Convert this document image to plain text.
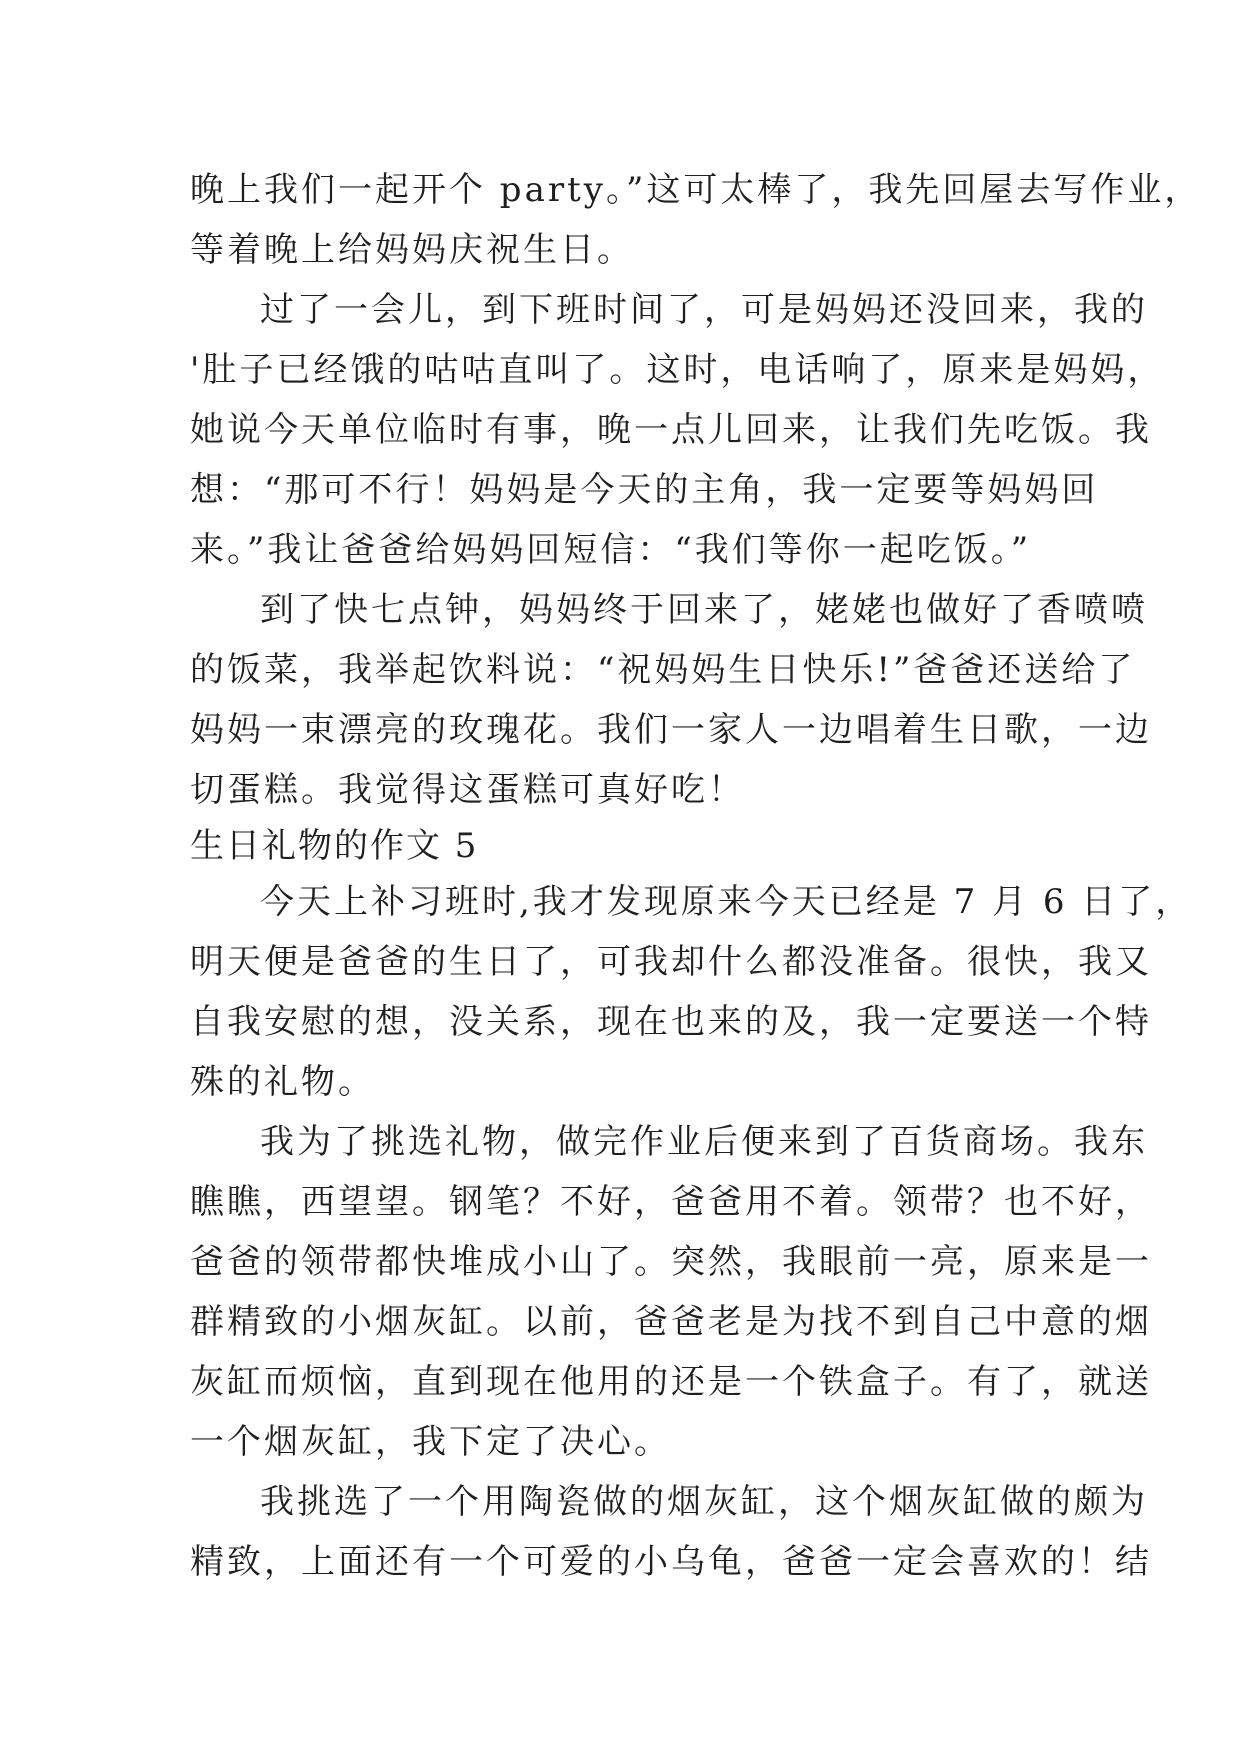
晚上我们一起开个 party。”这可太棒了，我先回屋去写作业，
等着晚上给妈妈庆祝生日。
过了一会儿，到下班时间了，可是妈妈还没回来，我的
'肚子已经饿的咕咕直叫了。这时，电话响了，原来是妈妈，
她说今天单位临时有事，晚一点儿回来，让我们先吃饭。我
想：“那可不行！妈妈是今天的主角，我一定要等妈妈回
来。”我让爸爸给妈妈回短信：“我们等你一起吃饭。”
到了快七点钟，妈妈终于回来了，姥姥也做好了香喷喷
的饭菜，我举起饮料说：“祝妈妈生日快乐!”爸爸还送给了
妈妈一束漂亮的玫瑰花。我们一家人一边唱着生日歌，一边
切蛋糕。我觉得这蛋糕可真好吃！
生日礼物的作文 5
今天上补习班时,我才发现原来今天已经是 7 月 6 日了，
明天便是爸爸的生日了，可我却什么都没准备。很快，我又
自我安慰的想，没关系，现在也来的及，我一定要送一个特
殊的礼物。
我为了挑选礼物，做完作业后便来到了百货商场。我东
瞧瞧，西望望。钢笔？不好，爸爸用不着。领带？也不好，
爸爸的领带都快堆成小山了。突然，我眼前一亮，原来是一
群精致的小烟灰缸。以前，爸爸老是为找不到自己中意的烟
灰缸而烦恼，直到现在他用的还是一个铁盒子。有了，就送
一个烟灰缸，我下定了决心。
我挑选了一个用陶瓷做的烟灰缸，这个烟灰缸做的颇为
精致，上面还有一个可爱的小乌龟，爸爸一定会喜欢的！结
